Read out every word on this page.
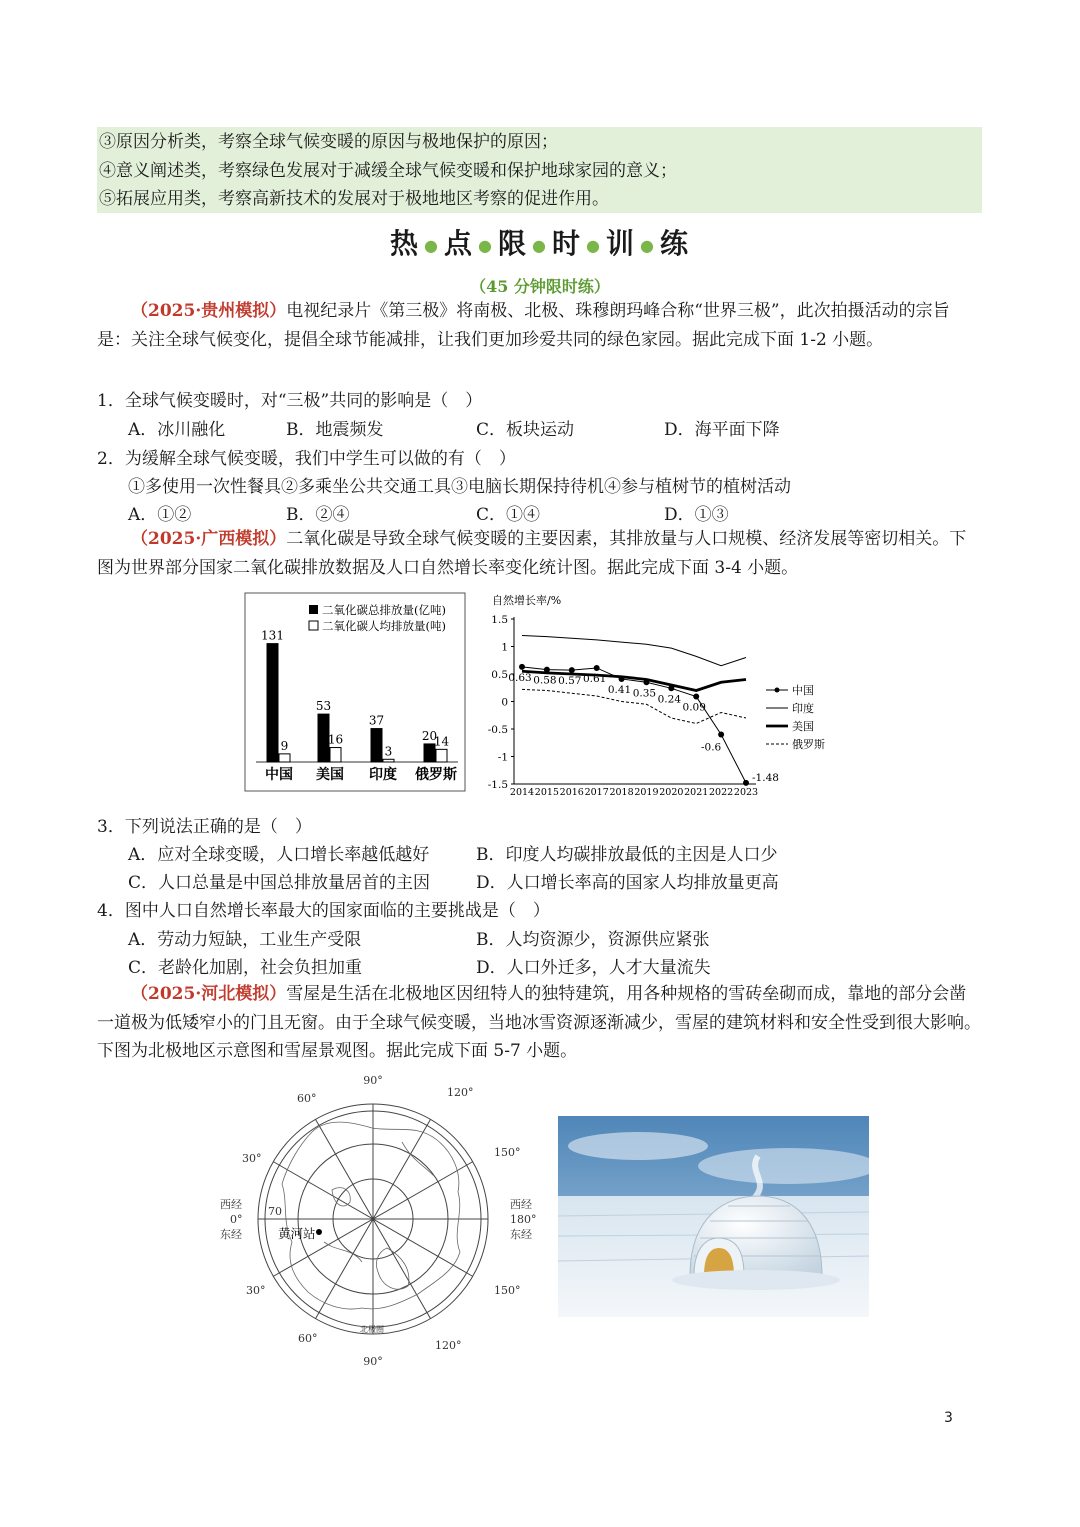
③原因分析类，考察全球气候变暖的原因与极地保护的原因；
④意义阐述类，考察绿色发展对于减缓全球气候变暖和保护地球家园的意义；
⑤拓展应用类，考察高新技术的发展对于极地地区考察的促进作用。
热 ● 点 ● 限 ● 时 ● 训 ● 练
（45 分钟限时练）
（2025·贵州模拟）电视纪录片《第三极》将南极、北极、珠穆朗玛峰合称“世界三极”，此次拍摄活动的宗旨是：关注全球气候变化，提倡全球节能减排，让我们更加珍爱共同的绿色家园。据此完成下面 1-2 小题。
1．全球气候变暖时，对“三极”共同的影响是（　）
A．冰川融化	B．地震频发	C．板块运动	D．海平面下降
2．为缓解全球气候变暖，我们中学生可以做的有（　）
①多使用一次性餐具②多乘坐公共交通工具③电脑长期保持待机④参与植树节的植树活动
A．①②	B．②④	C．①④	D．①③
（2025·广西模拟）二氧化碳是导致全球气候变暖的主要因素，其排放量与人口规模、经济发展等密切相关。下图为世界部分国家二氧化碳排放数据及人口自然增长率变化统计图。据此完成下面 3-4 小题。
二氧化碳总排放量(亿吨)
二氧化碳人均排放量(吨)
131
9
53
16
37
3
20
14
中国 美国 印度 俄罗斯
自然增长率/%
1.5
1
0.5
0
-0.5
-1
-1.5
2014 2015 2016 2017 2018 2019 2020 2021 2022 2023
0.63 0.58 0.57 0.61
0.41 0.35
0.24
0.09
-0.6
-1.48
中国
印度
美国
俄罗斯
3．下列说法正确的是（　）
A．应对全球变暖，人口增长率越低越好	B．印度人均碳排放最低的主因是人口少
C．人口总量是中国总排放量居首的主因	D．人口增长率高的国家人均排放量更高
4．图中人口自然增长率最大的国家面临的主要挑战是（　）
A．劳动力短缺，工业生产受限	B．人均资源少，资源供应紧张
C．老龄化加剧，社会负担加重	D．人口外迁多，人才大量流失
（2025·河北模拟）雪屋是生活在北极地区因纽特人的独特建筑，用各种规格的雪砖垒砌而成，靠地的部分会凿一道极为低矮窄小的门且无窗。由于全球气候变暖，当地冰雪资源逐渐减少，雪屋的建筑材料和安全性受到很大影响。下图为北极地区示意图和雪屋景观图。据此完成下面 5-7 小题。
90°
120°
150°
西经
180°
东经
150°
120°
90°
60°
30°
西经
0°
东经
30°
60°
70
黄河站
北极圈
3
